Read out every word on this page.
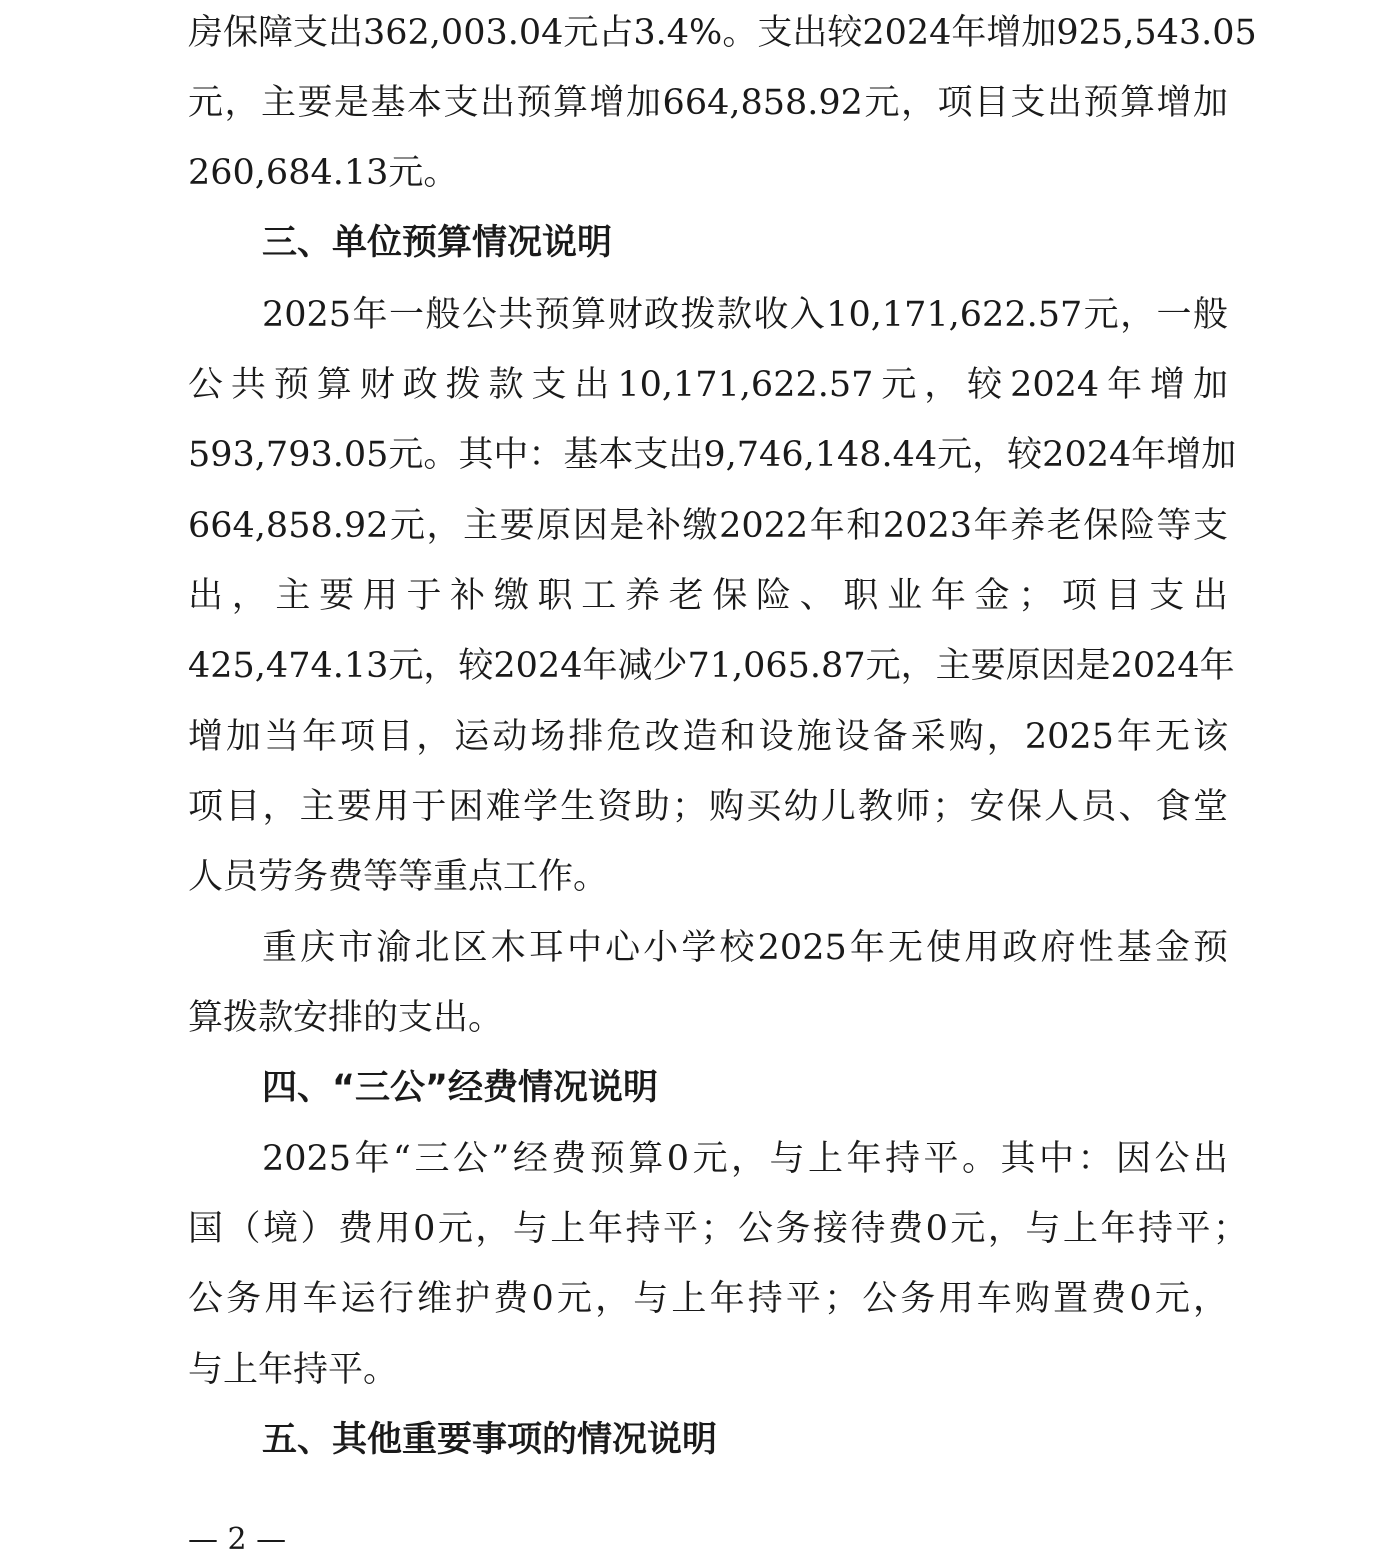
房保障支出362,003.04元占3.4%。支出较2024年增加925,543.05
元，主要是基本支出预算增加664,858.92元，项目支出预算增加
260,684.13元。
三、单位预算情况说明
2025年一般公共预算财政拨款收入10,171,622.57元，一般
公共预算财政拨款支出10,171,622.57元，较2024年增加
593,793.05元。其中：基本支出9,746,148.44元，较2024年增加
664,858.92元，主要原因是补缴2022年和2023年养老保险等支
出，主要用于补缴职工养老保险、职业年金；项目支出
425,474.13元，较2024年减少71,065.87元，主要原因是2024年
增加当年项目，运动场排危改造和设施设备采购，2025年无该
项目，主要用于困难学生资助；购买幼儿教师；安保人员、食堂
人员劳务费等等重点工作。
重庆市渝北区木耳中心小学校2025年无使用政府性基金预
算拨款安排的支出。
四、“三公”经费情况说明
2025年“三公”经费预算0元，与上年持平。其中：因公出
国（境）费用0元，与上年持平；公务接待费0元，与上年持平；
公务用车运行维护费0元，与上年持平；公务用车购置费0元，
与上年持平。
五、其他重要事项的情况说明
— 2 —
